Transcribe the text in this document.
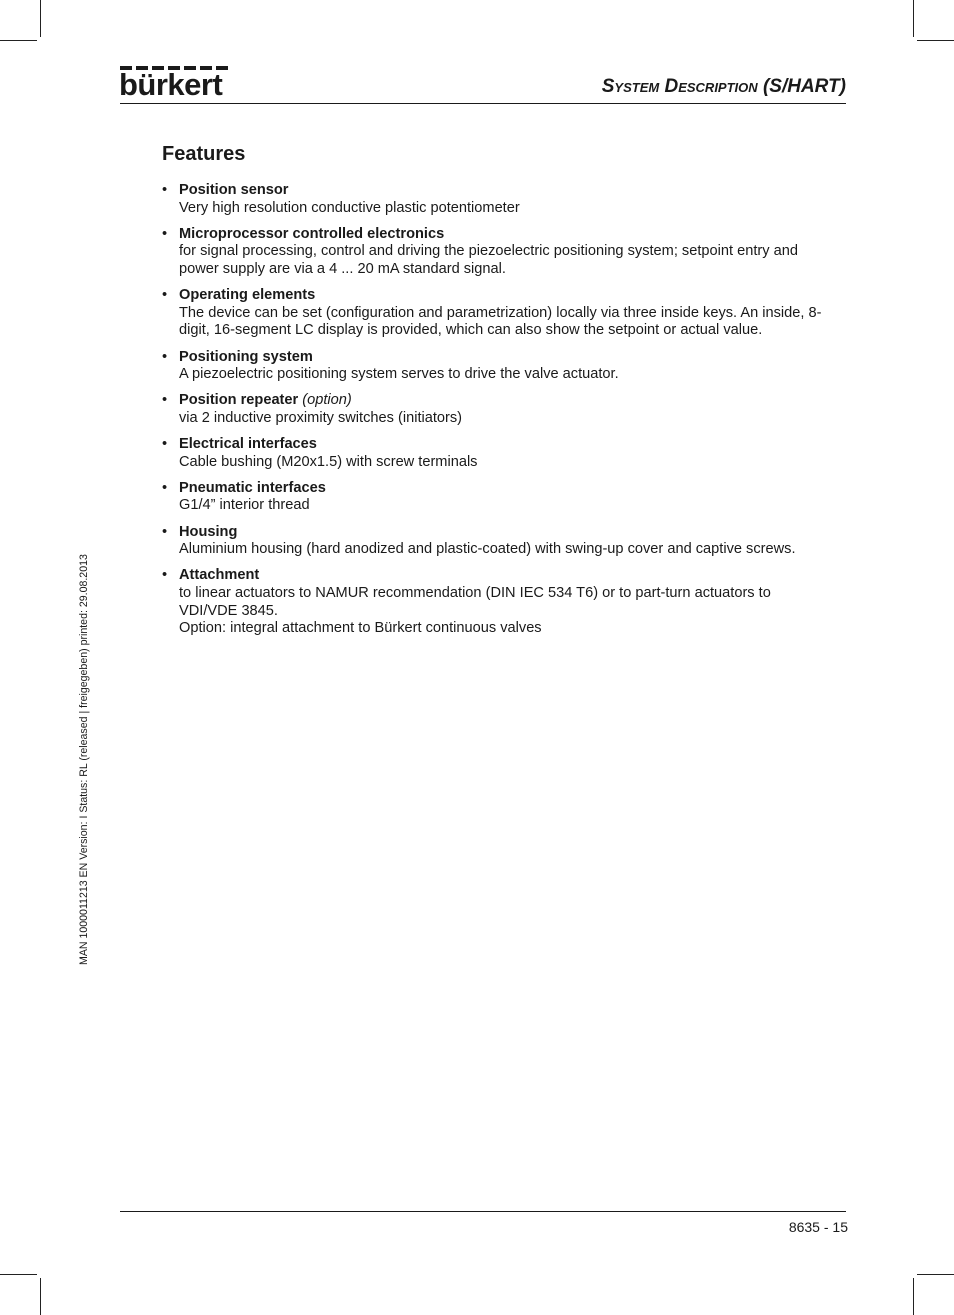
bürkert	System Description (S/HART)
Features
• Position sensor
Very high resolution conductive plastic potentiometer
• Microprocessor controlled electronics
for signal processing, control and driving the piezoelectric positioning system; setpoint entry and
power supply are via a 4 ... 20 mA standard signal.
• Operating elements
The device can be set (configuration and parametrization) locally via three inside keys. An inside, 8-
digit, 16-segment LC display is provided, which can also show the setpoint or actual value.
• Positioning system
A piezoelectric positioning system serves to drive the valve actuator.
• Position repeater (option)
via 2 inductive proximity switches (initiators)
• Electrical interfaces
Cable bushing (M20x1.5) with screw terminals
• Pneumatic interfaces
G1/4” interior thread
• Housing
Aluminium housing (hard anodized and plastic-coated) with swing-up cover and captive screws.
• Attachment
to linear actuators to NAMUR recommendation (DIN IEC 534 T6) or to part-turn actuators to
VDI/VDE 3845.
Option: integral attachment to Bürkert continuous valves
MAN 1000011213 EN Version: I Status: RL (released | freigegeben) printed: 29.08.2013
8635 - 15
